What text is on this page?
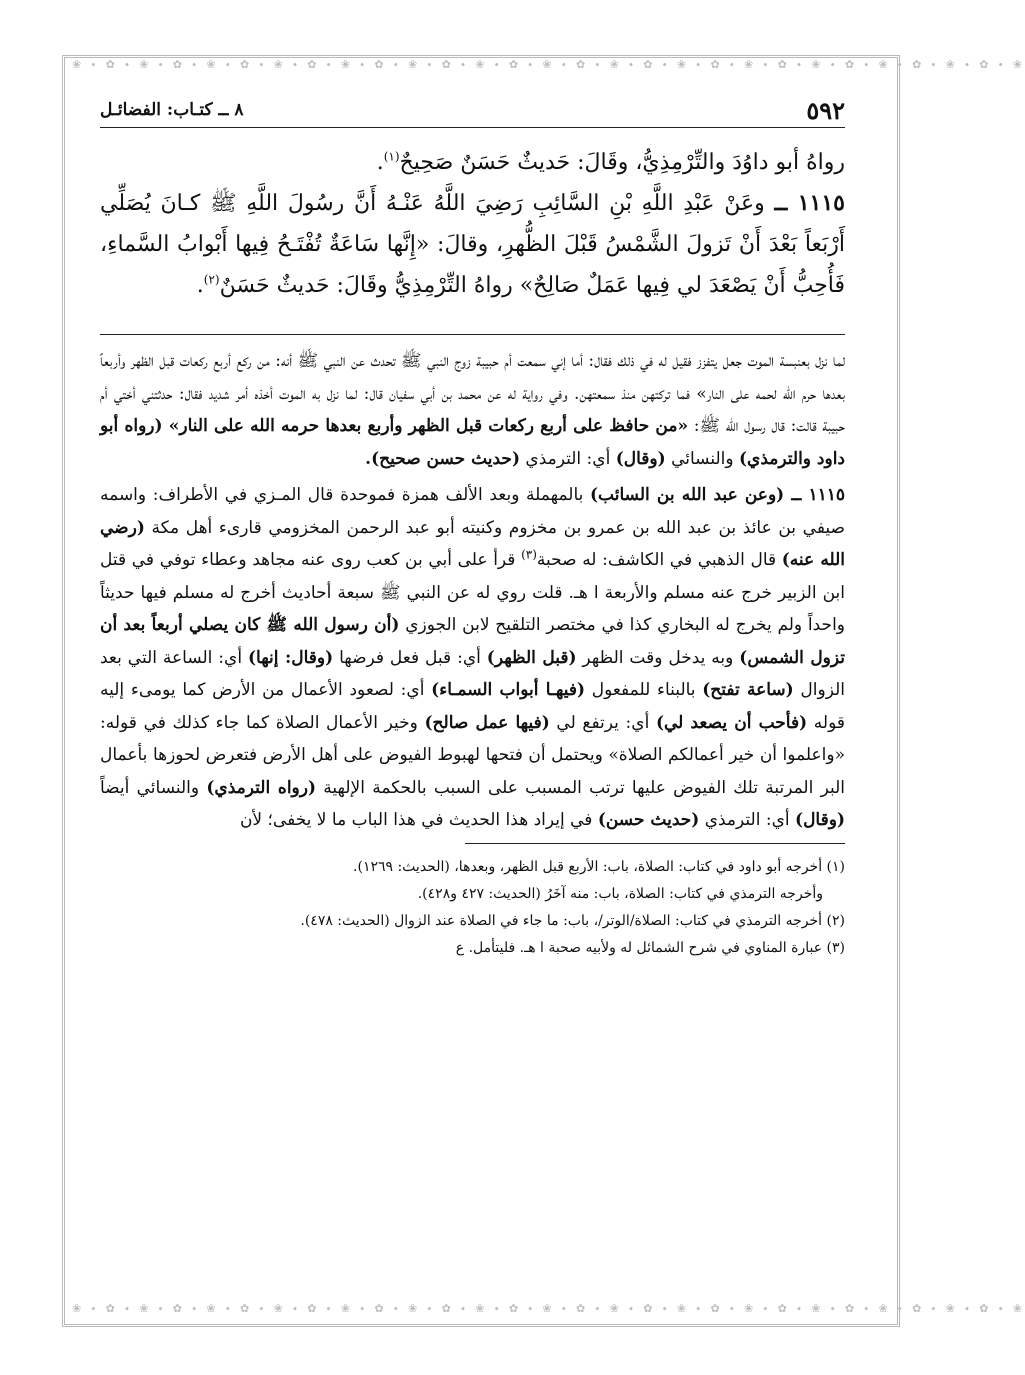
❀ ∙ ✿ ∙ ❀ ∙ ✿ ∙ ❀ ∙ ✿ ∙ ❀ ∙ ✿ ∙ ❀ ∙ ✿ ∙ ❀ ∙ ✿ ∙ ❀ ∙ ✿ ∙ ❀ ∙ ✿ ∙ ❀ ∙ ✿ ∙ ❀ ∙ ✿ ∙ ❀ ∙ ✿ ∙ ❀ ∙ ✿ ∙ ❀ ∙ ✿ ∙ ❀ ∙ ✿ ∙ ❀
❀ ∙ ✿ ∙ ❀ ∙ ✿ ∙ ❀ ∙ ✿ ∙ ❀ ∙ ✿ ∙ ❀ ∙ ✿ ∙ ❀ ∙ ✿ ∙ ❀ ∙ ✿ ∙ ❀ ∙ ✿ ∙ ❀ ∙ ✿ ∙ ❀ ∙ ✿ ∙ ❀ ∙ ✿ ∙ ❀ ∙ ✿ ∙ ❀ ∙ ✿ ∙ ❀ ∙ ✿ ∙ ❀
٥٩٢
٨ ــ كتـاب: الفضائـل

رواهُ أبو داوُدَ والتِّرْمِذِيُّ، وقَالَ: حَديثٌ حَسَنٌ صَحِيحٌ$^{(١)}$.

١١١٥ ــ وعَنْ عَبْدِ اللَّهِ بْنِ السَّائِبِ رَضِيَ اللَّهُ عَنْـهُ أَنَّ رسُولَ اللَّهِ ﷺ كـانَ يُصَلِّي أَرْبَعاً بَعْدَ أَنْ تَزولَ الشَّمْسُ قَبْلَ الظُّهرِ، وقالَ: «إِنَّها سَاعَةٌ تُفْتَـحُ فِيها أَبْوابُ السَّماءِ، فَأُحِبُّ أَنْ يَصْعَدَ لي فِيها عَمَلٌ صَالِحٌ» رواهُ التِّرْمِذِيُّ وقَالَ: حَديثٌ حَسَنٌ$^{(٢)}$.

لما نزل بعنبسة الموت جعل يتفزز فقيل له في ذلك فقال: أما إني سمعت أم حبيبة زوج النبي ﷺ تحدث عن النبي ﷺ أنه: من ركع أربع ركعات قبل الظهر وأربعاً بعدها حرم الله لحمه على النار» فما تركتهن منذ سمعتهن. وفي رواية له عن محمد بن أبي سفيان قال: لما نزل به الموت أخذه أمر شديد فقال: حدثتني أختي أم حبيبة قالت: قال رسول الله ﷺ: «من حافظ على أربع ركعات قبل الظهر وأربع بعدها حرمه الله على النار» (رواه أبو داود والترمذي) والنسائي (وقال) أي: الترمذي (حديث حسن صحيح).

١١١٥ ــ (وعن عبد الله بن السائب) بالمهملة وبعد الألف همزة فموحدة قال المـزي في الأطراف: واسمه صيفي بن عائذ بن عبد الله بن عمرو بن مخزوم وكنيته أبو عبد الرحمن المخزومي قارىء أهل مكة (رضي الله عنه) قال الذهبي في الكاشف: له صحبة$^{(٣)}$ قرأ على أبي بن كعب روى عنه مجاهد وعطاء توفي في قتل ابن الزبير خرج عنه مسلم والأربعة ا هـ. قلت روي له عن النبي ﷺ سبعة أحاديث أخرج له مسلم فيها حديثاً واحداً ولم يخرج له البخاري كذا في مختصر التلقيح لابن الجوزي (أن رسول الله ﷺ كان يصلي أربعاً بعد أن تزول الشمس) وبه يدخل وقت الظهر (قبل الظهر) أي: قبل فعل فرضها (وقال: إنها) أي: الساعة التي بعد الزوال (ساعة تفتح) بالبناء للمفعول (فيهـا أبواب السمـاء) أي: لصعود الأعمال من الأرض كما يومىء إليه قوله (فأحب أن يصعد لي) أي: يرتفع لي (فيها عمل صالح) وخير الأعمال الصلاة كما جاء كذلك في قوله: «واعلموا أن خير أعمالكم الصلاة» ويحتمل أن فتحها لهبوط الفيوض على أهل الأرض فتعرض لحوزها بأعمال البر المرتبة تلك الفيوض عليها ترتب المسبب على السبب بالحكمة الإلهية (رواه الترمذي) والنسائي أيضاً (وقال) أي: الترمذي (حديث حسن) في إيراد هذا الحديث في هذا الباب ما لا يخفى؛ لأن

(١) أخرجه أبو داود في كتاب: الصلاة، باب: الأربع قبل الظهر، وبعدها، (الحديث: ١٢٦٩).

وأخرجه الترمذي في كتاب: الصلاة، باب: منه آخَرُ (الحديث: ٤٢٧ و٤٢٨).

(٢) أخرجه الترمذي في كتاب: الصلاة/الوتر/، باب: ما جاء في الصلاة عند الزوال (الحديث: ٤٧٨).

(٣) عبارة المناوي في شرح الشمائل له ولأبيه صحبة ا هـ. فليتأمل. ع
